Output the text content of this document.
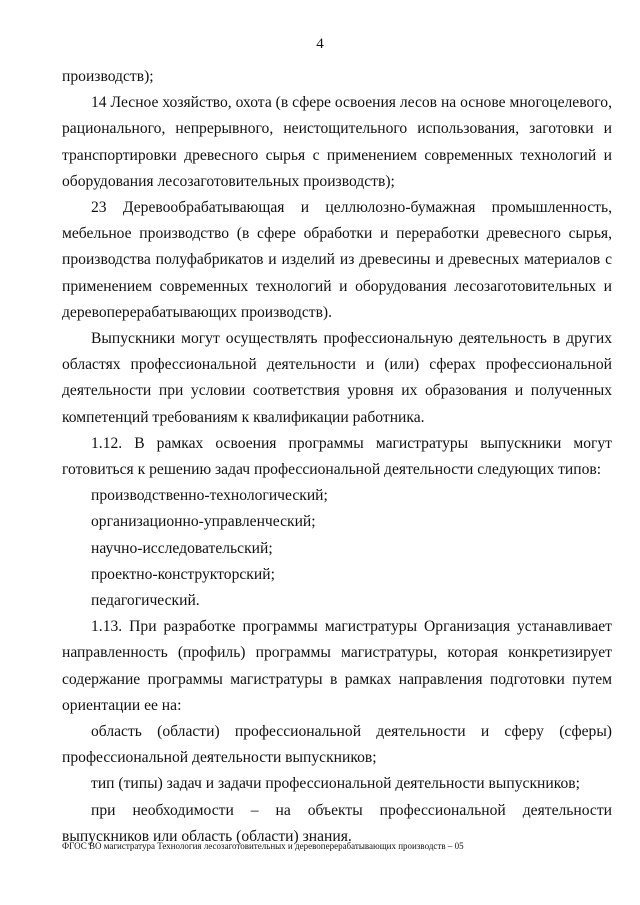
4

производств);

14 Лесное хозяйство, охота (в сфере освоения лесов на основе многоцелевого, рационального, непрерывного, неистощительного использования, заготовки и транспортировки древесного сырья с применением современных технологий и оборудования лесозаготовительных производств);

23 Деревообрабатывающая и целлюлозно-бумажная промышленность, мебельное производство (в сфере обработки и переработки древесного сырья, производства полуфабрикатов и изделий из древесины и древесных материалов с применением современных технологий и оборудования лесозаготовительных и деревоперерабатывающих производств).

Выпускники могут осуществлять профессиональную деятельность в других областях профессиональной деятельности и (или) сферах профессиональной деятельности при условии соответствия уровня их образования и полученных компетенций требованиям к квалификации работника.

1.12. В рамках освоения программы магистратуры выпускники могут готовиться к решению задач профессиональной деятельности следующих типов:

производственно-технологический;

организационно-управленческий;

научно-исследовательский;

проектно-конструкторский;

педагогический.

1.13. При разработке программы магистратуры Организация устанавливает направленность (профиль) программы магистратуры, которая конкретизирует содержание программы магистратуры в рамках направления подготовки путем ориентации ее на:

область (области) профессиональной деятельности и сферу (сферы) профессиональной деятельности выпускников;

тип (типы) задач и задачи профессиональной деятельности выпускников;

при необходимости – на объекты профессиональной деятельности выпускников или область (области) знания.

ФГОС ВО магистратура Технология лесозаготовительных и деревоперерабатывающих производств – 05
